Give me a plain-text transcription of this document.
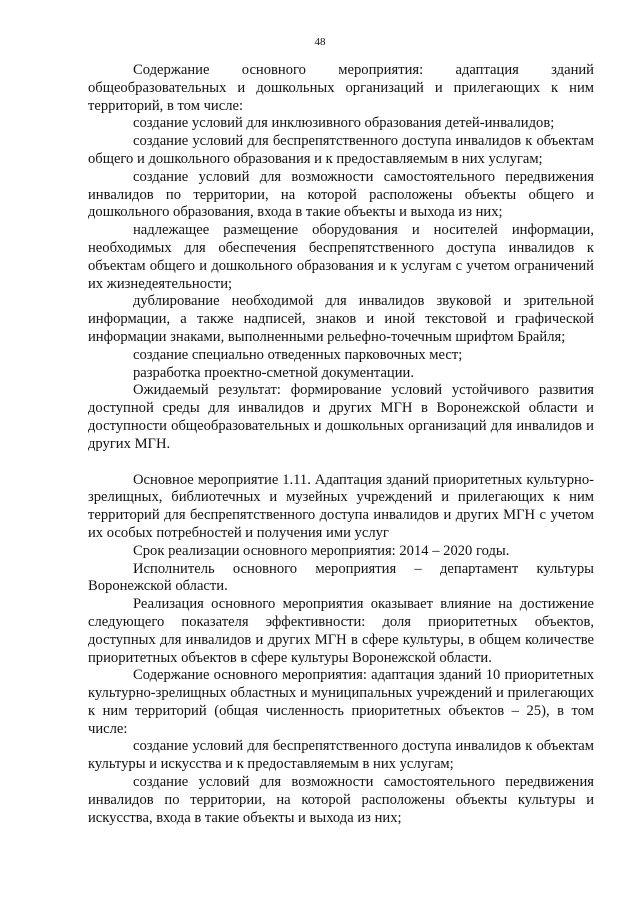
48

Содержание основного мероприятия: адаптация зданий общеобразовательных и дошкольных организаций и прилегающих к ним территорий, в том числе:

создание условий для инклюзивного образования детей-инвалидов;

создание условий для беспрепятственного доступа инвалидов к объектам общего и дошкольного образования и к предоставляемым в них услугам;

создание условий для возможности самостоятельного передвижения инвалидов по территории, на которой расположены объекты общего и дошкольного образования, входа в такие объекты и выхода из них;

надлежащее размещение оборудования и носителей информации, необходимых для обеспечения беспрепятственного доступа инвалидов к объектам общего и дошкольного образования и к услугам с учетом ограничений их жизнедеятельности;

дублирование необходимой для инвалидов звуковой и зрительной информации, а также надписей, знаков и иной текстовой и графической информации знаками, выполненными рельефно-точечным шрифтом Брайля;

создание специально отведенных парковочных мест;

разработка проектно-сметной документации.

Ожидаемый результат: формирование условий устойчивого развития доступной среды для инвалидов и других МГН в Воронежской области и доступности общеобразовательных и дошкольных организаций для инвалидов и других МГН.

Основное мероприятие 1.11. Адаптация зданий приоритетных культурно-зрелищных, библиотечных и музейных учреждений и прилегающих к ним территорий для беспрепятственного доступа инвалидов и других МГН с учетом их особых потребностей и получения ими услуг

Срок реализации основного мероприятия: 2014 – 2020 годы.

Исполнитель основного мероприятия – департамент культуры Воронежской области.

Реализация основного мероприятия оказывает влияние на достижение следующего показателя эффективности: доля приоритетных объектов, доступных для инвалидов и других МГН в сфере культуры, в общем количестве приоритетных объектов в сфере культуры Воронежской области.

Содержание основного мероприятия: адаптация зданий 10 приоритетных культурно-зрелищных областных и муниципальных учреждений и прилегающих к ним территорий (общая численность приоритетных объектов – 25), в том числе:

создание условий для беспрепятственного доступа инвалидов к объектам культуры и искусства и к предоставляемым в них услугам;

создание условий для возможности самостоятельного передвижения инвалидов по территории, на которой расположены объекты культуры и искусства, входа в такие объекты и выхода из них;
